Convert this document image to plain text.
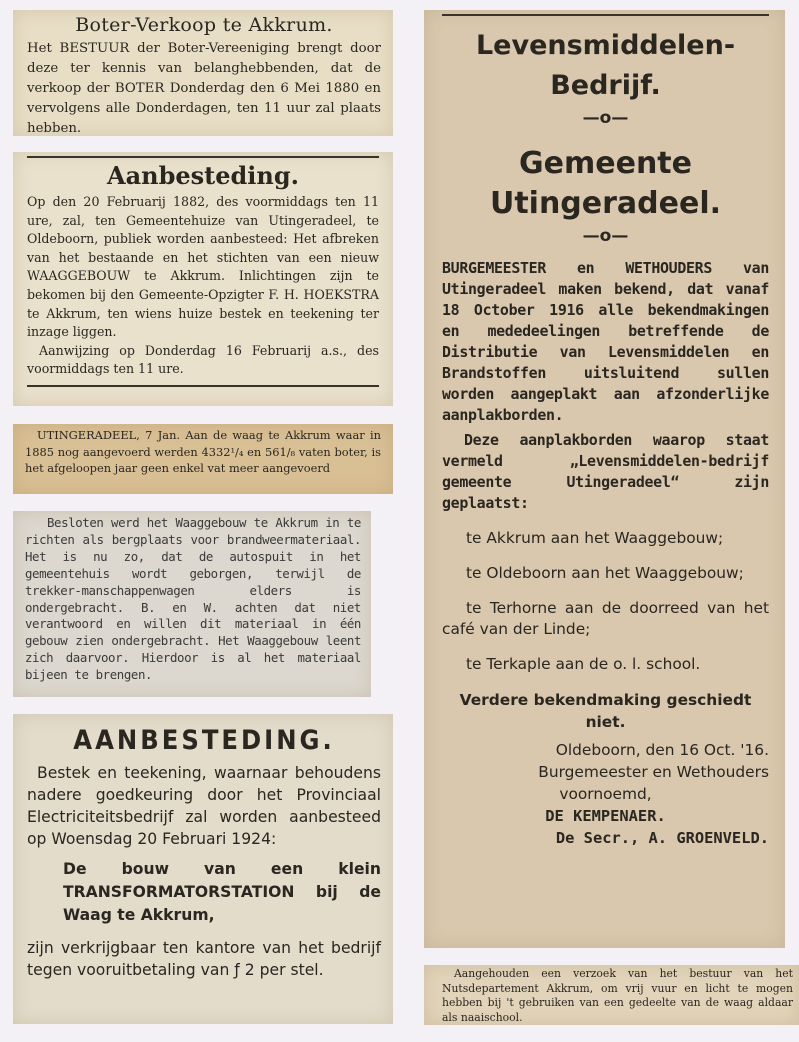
Boter-Verkoop te Akkrum.

Het BESTUUR der Boter-Vereeniging brengt door deze ter kennis van belanghebbenden, dat de verkoop der BOTER Donderdag den 6 Mei 1880 en vervolgens alle Donderdagen, ten 11 uur zal plaats hebben.

Aanbesteding.

Op den 20 Februarij 1882, des voormiddags ten 11 ure, zal, ten Gemeentehuize van Utingeradeel, te Oldeboorn, publiek worden aanbesteed: Het afbreken van het bestaande en het stichten van een nieuw WAAGGEBOUW te Akkrum. Inlichtingen zijn te bekomen bij den Gemeente-Opzigter F. H. HOEKSTRA te Akkrum, ten wiens huize bestek en teekening ter inzage liggen.

Aanwijzing op Donderdag 16 Februarij a.s., des voormiddags ten 11 ure.

UTINGERADEEL, 7 Jan. Aan de waag te Akkrum waar in 1885 nog aangevoerd werden 4332¹/₄ en 561/₈ vaten boter, is het afgeloopen jaar geen enkel vat meer aangevoerd

Besloten werd het Waaggebouw te Akkrum in te richten als bergplaats voor brandweermateriaal. Het is nu zo, dat de autospuit in het gemeentehuis wordt geborgen, terwijl de trekker-manschappenwagen elders is ondergebracht. B. en W. achten dat niet verantwoord en willen dit materiaal in één gebouw zien ondergebracht. Het Waaggebouw leent zich daarvoor. Hierdoor is al het materiaal bijeen te brengen.

AANBESTEDING.

Bestek en teekening, waarnaar behoudens nadere goedkeuring door het Provinciaal Electriciteitsbedrijf zal worden aanbesteed op Woensdag 20 Februari 1924:

De bouw van een klein TRANSFORMATORSTATION bij de Waag te Akkrum,

zijn verkrijgbaar ten kantore van het bedrijf tegen vooruitbetaling van ƒ 2 per stel.

Levensmiddelen-Bedrijf.

—o—

Gemeente Utingeradeel.

—o—

BURGEMEESTER en WETHOUDERS van Utingeradeel maken bekend, dat vanaf 18 October 1916 alle bekendmakingen en mededeelingen betreffende de Distributie van Levensmiddelen en Brandstoffen uitsluitend sullen worden aangeplakt aan afzonderlijke aanplakborden.

Deze aanplakborden waarop staat vermeld „Levensmiddelen-bedrijf gemeente Utingeradeel“ zijn geplaatst:

te Akkrum aan het Waaggebouw;

te Oldeboorn aan het Waaggebouw;

te Terhorne aan de doorreed van het café van der Linde;

te Terkaple aan de o. l. school.

Verdere bekendmaking geschiedt niet.

Oldeboorn, den 16 Oct. '16.

Burgemeester en Wethouders

voornoemd,

DE KEMPENAER.

De Secr., A. GROENVELD.

Aangehouden een verzoek van het bestuur van het Nutsdepartement Akkrum, om vrij vuur en licht te mogen hebben bij 't gebruiken van een gedeelte van de waag aldaar als naaischool.
